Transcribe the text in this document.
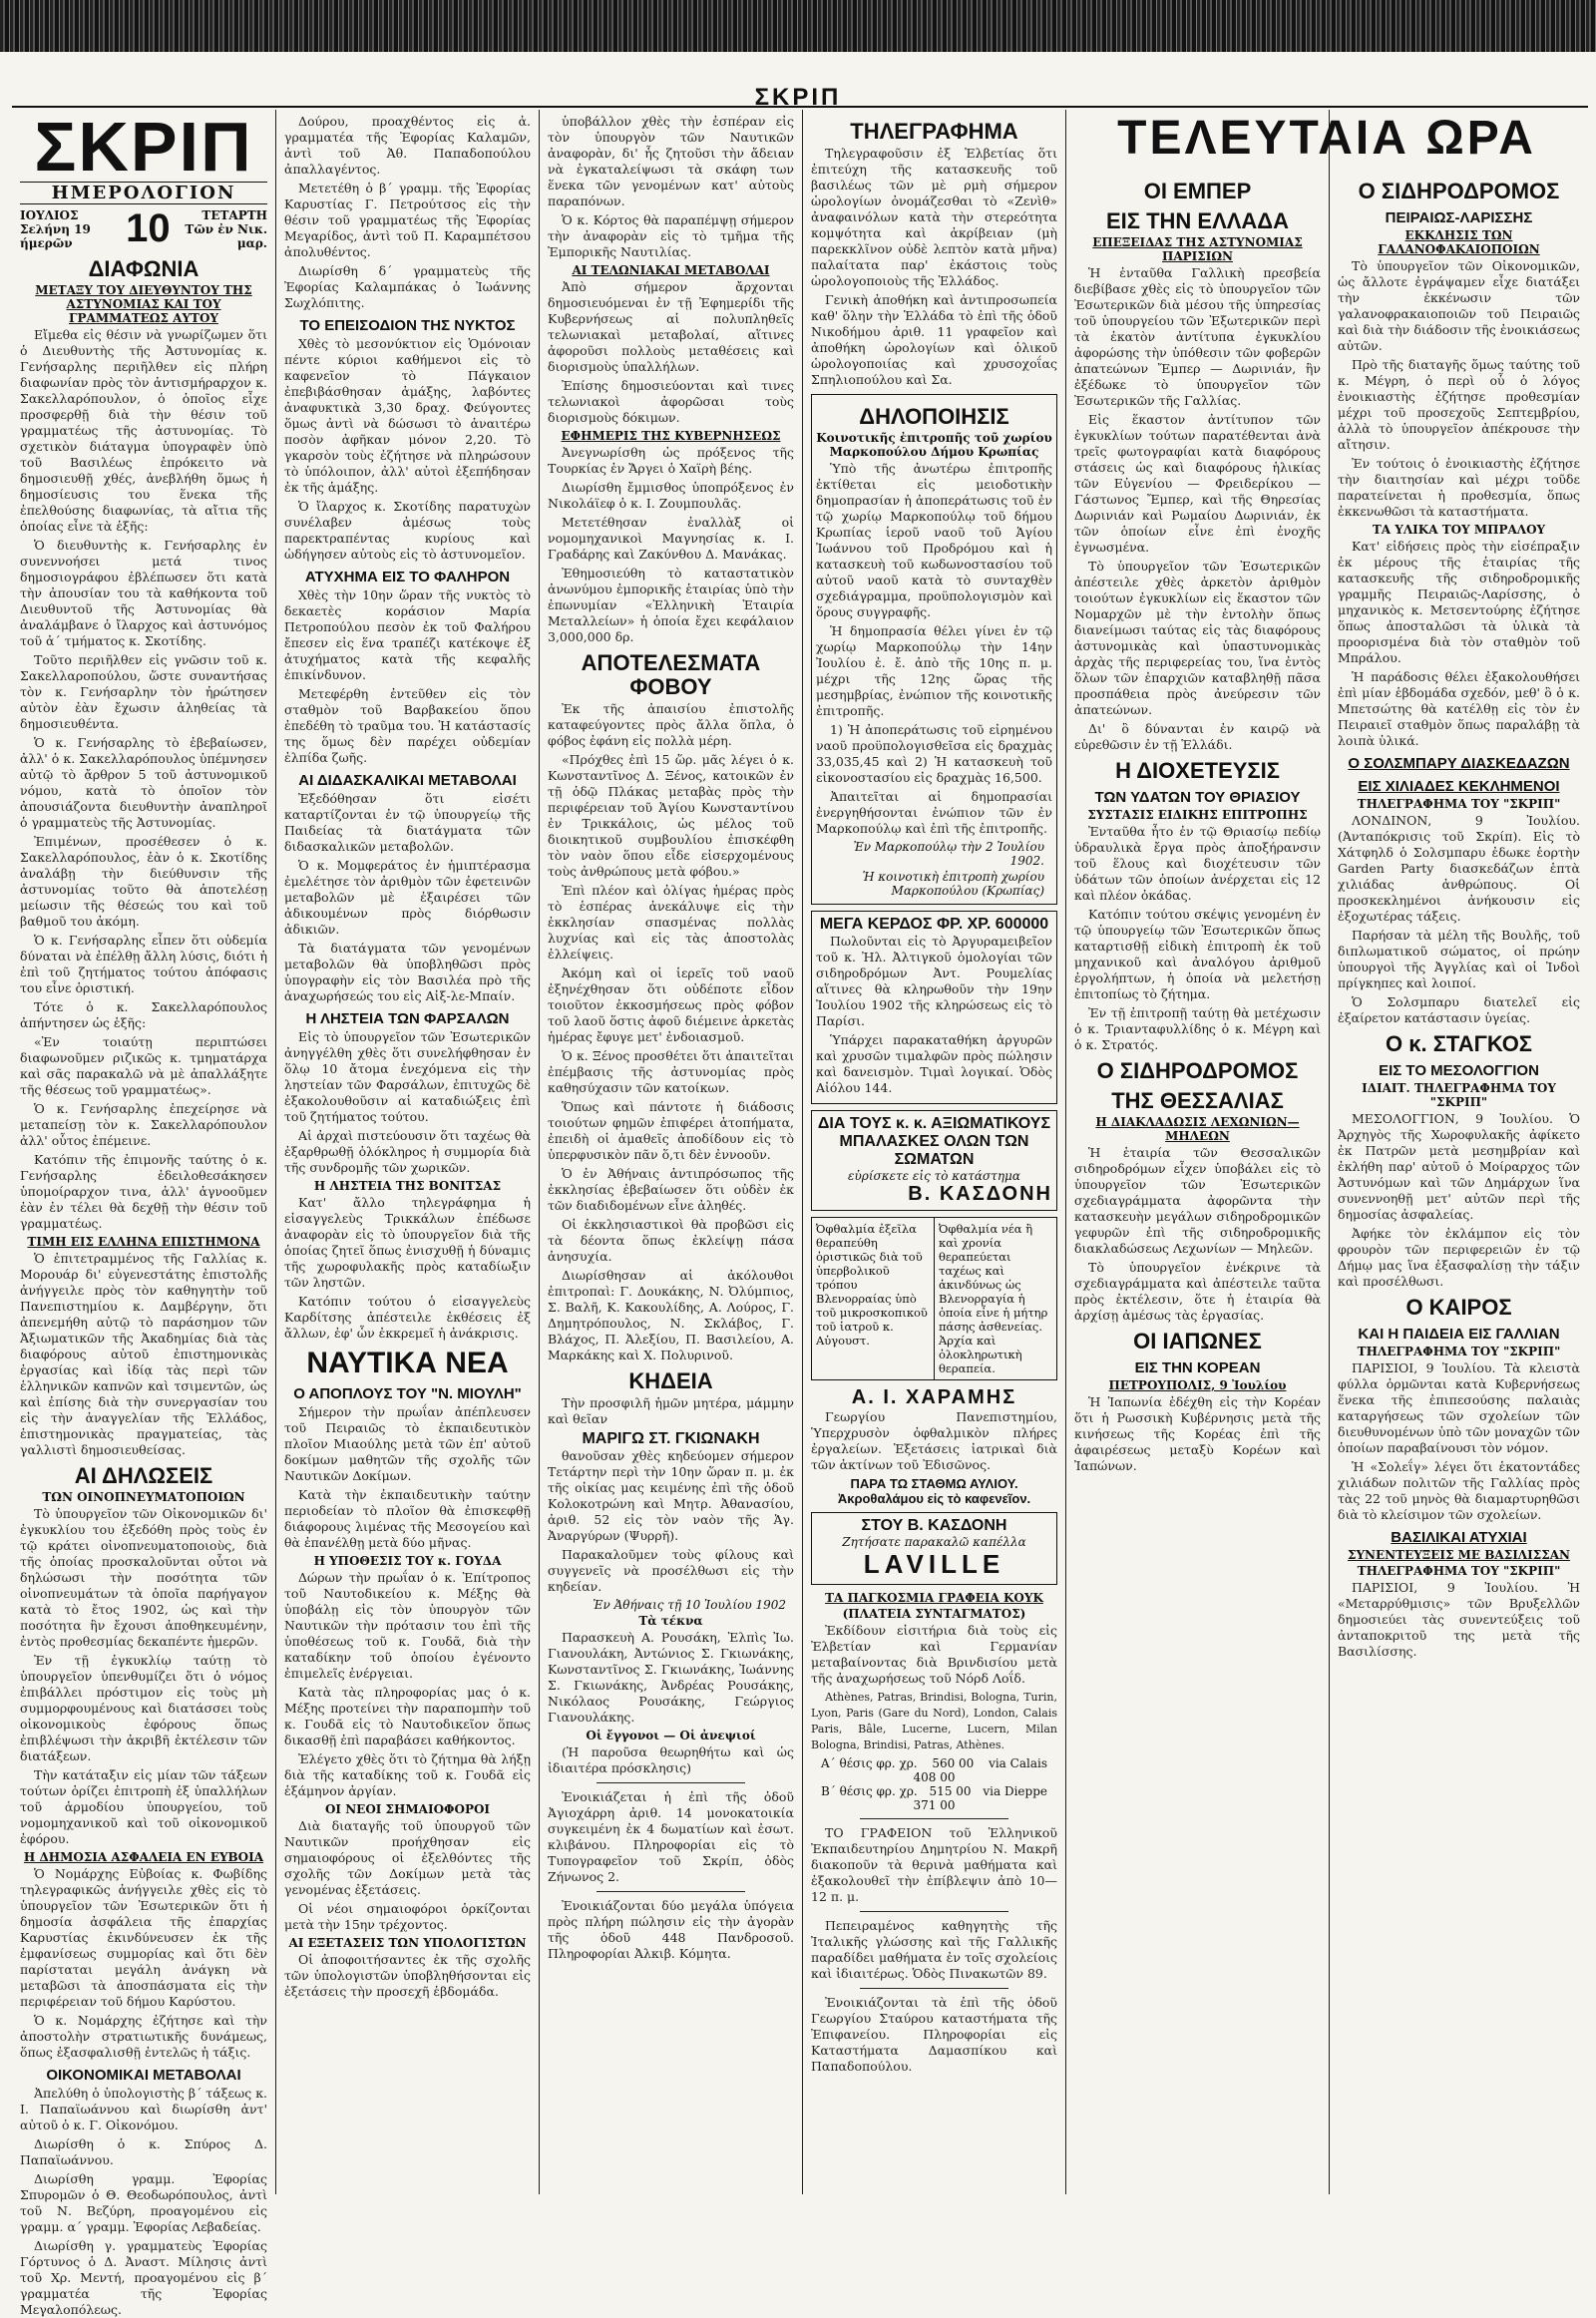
ΣΚΡΙΠ
ΣΚΡΙΠ
ΗΜΕΡΟΛΟΓΙΟΝ
ΙΟΥΛΙΟΣ
Σελήνη 19 ήμερῶν	10	ΤΕΤΑΡΤΗ
Τῶν ἐν Νικ. μαρ.
ΔΙΑΦΩΝΙΑ
ΜΕΤΑΞΥ ΤΟΥ ΔΙΕΥΘΥΝΤΟΥ ΤΗΣ ΑΣΤΥΝΟΜΙΑΣ ΚΑΙ ΤΟΥ ΓΡΑΜΜΑΤΕΩΣ ΑΥΤΟΥ

Εἴμεθα εἰς θέσιν νὰ γνωρίζωμεν ὅτι ὁ Διευθυντὴς τῆς Ἀστυνομίας κ. Γενήσαρλης περιῆλθεν εἰς πλήρη διαφωνίαν πρὸς τὸν ἀντισμήραρχον κ. Σακελλαρόπουλον, ὁ ὁποῖος εἶχε προσφερθῇ διὰ τὴν θέσιν τοῦ γραμματέως τῆς ἀστυνομίας. Τὸ σχετικὸν διάταγμα ὑπογραφὲν ὑπὸ τοῦ Βασιλέως ἐπρόκειτο νὰ δημοσιευθῇ χθές, ἀνεβλήθη ὅμως ἡ δημοσίευσις του ἕνεκα τῆς ἐπελθούσης διαφωνίας, τὰ αἴτια τῆς ὁποίας εἶνε τὰ ἑξῆς:

Ὁ διευθυντὴς κ. Γενήσαρλης ἐν συνεννοήσει μετά τινος δημοσιογράφου ἐβλέπωσεν ὅτι κατὰ τὴν ἀπουσίαν του τὰ καθήκοντα τοῦ Διευθυντοῦ τῆς Ἀστυνομίας θὰ ἀναλάμβανε ὁ ἴλαρχος καὶ ἀστυνόμος τοῦ ἀ΄ τμήματος κ. Σκοτίδης.

Τοῦτο περιῆλθεν εἰς γνῶσιν τοῦ κ. Σακελλαροπούλου, ὥστε συναντήσας τὸν κ. Γενήσαρλην τὸν ἠρώτησεν αὐτὸν ἐὰν ἔχωσιν ἀληθείας τὰ δημοσιευθέντα.

Ὁ κ. Γενήσαρλης τὸ ἐβεβαίωσεν, ἀλλ' ὁ κ. Σακελλαρόπουλος ὑπέμνησεν αὐτῷ τὸ ἄρθρον 5 τοῦ ἀστυνομικοῦ νόμου, κατὰ τὸ ὁποῖον τὸν ἀπουσιάζοντα διευθυντὴν ἀναπληροῖ ὁ γραμματεὺς τῆς Ἀστυνομίας.

Ἐπιμένων, προσέθεσεν ὁ κ. Σακελλαρόπουλος, ἐὰν ὁ κ. Σκοτίδης ἀναλάβῃ τὴν διεύθυνσιν τῆς ἀστυνομίας τοῦτο θὰ ἀποτελέσῃ μείωσιν τῆς θέσεώς του καὶ τοῦ βαθμοῦ του ἀκόμη.

Ὁ κ. Γενήσαρλης εἶπεν ὅτι οὐδεμία δύναται νὰ ἐπέλθῃ ἄλλη λύσις, διότι ἡ ἐπὶ τοῦ ζητήματος τούτου ἀπόφασις του εἶνε ὁριστική.

Τότε ὁ κ. Σακελλαρόπουλος ἀπήντησεν ὡς ἑξῆς:

«Ἐν τοιαύτῃ περιπτώσει διαφωνοῦμεν ριζικῶς κ. τμηματάρχα καὶ σᾶς παρακαλῶ νὰ μὲ ἀπαλλάξητε τῆς θέσεως τοῦ γραμματέως».

Ὁ κ. Γενήσαρλης ἐπεχείρησε νὰ μεταπείσῃ τὸν κ. Σακελλαρόπουλον ἀλλ' οὗτος ἐπέμεινε.

Κατόπιν τῆς ἐπιμονῆς ταύτης ὁ κ. Γενήσαρλης ἐδειλοθεσάκησεν ὑπομοίραρχον τινα, ἀλλ' ἀγνοοῦμεν ἐὰν ἐν τέλει θὰ δεχθῇ τὴν θέσιν τοῦ γραμματέως.

ΤΙΜΗ ΕΙΣ ΕΛΛΗΝΑ ΕΠΙΣΤΗΜΟΝΑ

Ὁ ἐπιτετραμμένος τῆς Γαλλίας κ. Μορουάρ δι' εὐγενεστάτης ἐπιστολῆς ἀνήγγειλε πρὸς τὸν καθηγητὴν τοῦ Πανεπιστημίου κ. Δαμβέργην, ὅτι ἀπενεμήθη αὐτῷ τὸ παράσημον τῶν Ἀξιωματικῶν τῆς Ἀκαδημίας διὰ τὰς διαφόρους αὐτοῦ ἐπιστημονικὰς ἐργασίας καὶ ἰδίᾳ τὰς περὶ τῶν ἑλληνικῶν καπνῶν καὶ τσιμεντῶν, ὡς καὶ ἐπίσης διὰ τὴν συνεργασίαν του εἰς τὴν ἀναγγελίαν τῆς Ἑλλάδος, ἐπιστημονικὰς πραγματείας, τὰς γαλλιστὶ δημοσιευθείσας.

ΑΙ ΔΗΛΩΣΕΙΣ
ΤΩΝ ΟΙΝΟΠΝΕΥΜΑΤΟΠΟΙΩΝ

Τὸ ὑπουργεῖον τῶν Οἰκονομικῶν δι' ἐγκυκλίου του ἐξεδόθη πρὸς τοὺς ἐν τῷ κράτει οἰνοπνευματοποιοὺς, διὰ τῆς ὁποίας προσκαλοῦνται οὗτοι νὰ δηλώσωσι τὴν ποσότητα τῶν οἰνοπνευμάτων τὰ ὁποῖα παρήγαγον κατὰ τὸ ἔτος 1902, ὡς καὶ τὴν ποσότητα ἣν ἔχουσι ἀποθηκευμένην, ἐντὸς προθεσμίας δεκαπέντε ἡμερῶν.

Ἐν τῇ ἐγκυκλίῳ ταύτῃ τὸ ὑπουργεῖον ὑπενθυμίζει ὅτι ὁ νόμος ἐπιβάλλει πρόστιμον εἰς τοὺς μὴ συμμορφουμένους καὶ διατάσσει τοὺς οἰκονομικοὺς ἐφόρους ὅπως ἐπιβλέψωσι τὴν ἀκριβῆ ἐκτέλεσιν τῶν διατάξεων.

Τὴν κατάταξιν εἰς μίαν τῶν τάξεων τούτων ὁρίζει ἐπιτροπὴ ἐξ ὑπαλλήλων τοῦ ἁρμοδίου ὑπουργείου, τοῦ νομομηχανικοῦ καὶ τοῦ οἰκονομικοῦ ἐφόρου.

Η ΔΗΜΟΣΙΑ ΑΣΦΑΛΕΙΑ ΕΝ ΕΥΒΟΙΑ

Ὁ Νομάρχης Εὐβοίας κ. Φωβίδης τηλεγραφικῶς ἀνήγγειλε χθὲς εἰς τὸ ὑπουργεῖον τῶν Ἐσωτερικῶν ὅτι ἡ δημοσία ἀσφάλεια τῆς ἐπαρχίας Καρυστίας ἐκινδύνευσεν ἐκ τῆς ἐμφανίσεως συμμορίας καὶ ὅτι δὲν παρίσταται μεγάλη ἀνάγκη νὰ μεταβῶσι τὰ ἀποσπάσματα εἰς τὴν περιφέρειαν τοῦ δήμου Καρύστου.

Ὁ κ. Νομάρχης ἐζήτησε καὶ τὴν ἀποστολὴν στρατιωτικῆς δυνάμεως, ὅπως ἐξασφαλισθῇ ἐντελῶς ἡ τάξις.

ΟΙΚΟΝΟΜΙΚΑΙ ΜΕΤΑΒΟΛΑΙ

Ἀπελύθη ὁ ὑπολογιστὴς β΄ τάξεως κ. Ι. Παπαϊωάννου καὶ διωρίσθη ἀντ' αὐτοῦ ὁ κ. Γ. Οἰκονόμου.

Διωρίσθη ὁ κ. Σπύρος Δ. Παπαϊωάννου.

Διωρίσθη γραμμ. Ἐφορίας Σπυρομῶν ὁ Θ. Θεοδωρόπουλος, ἀντὶ τοῦ Ν. Βεζύρη, προαγομένου εἰς γραμμ. α΄ γραμμ. Ἐφορίας Λεβαδείας.

Διωρίσθη γ. γραμματεὺς Ἐφορίας Γόρτυνος ὁ Δ. Ἀναστ. Μίλησις ἀντὶ τοῦ Χρ. Μεντή, προαγομένου εἰς β΄ γραμματέα τῆς Ἐφορίας Μεγαλοπόλεως.

Δούρου, προαχθέντος εἰς ἀ. γραμματέα τῆς Ἐφορίας Καλαμῶν, ἀντὶ τοῦ Ἀθ. Παπαδοπούλου ἀπαλλαγέντος.

Μετετέθη ὁ β΄ γραμμ. τῆς Ἐφορίας Καρυστίας Γ. Πετρούτσος εἰς τὴν θέσιν τοῦ γραμματέως τῆς Ἐφορίας Μεγαρίδος, ἀντὶ τοῦ Π. Καραμπέτσου ἀπολυθέντος.

Διωρίσθη δ΄ γραμματεὺς τῆς Ἐφορίας Καλαμπάκας ὁ Ἰωάννης Σωχλόπιτης.

ΤΟ ΕΠΕΙΣΟΔΙΟΝ ΤΗΣ ΝΥΚΤΟΣ

Χθὲς τὸ μεσονύκτιον εἰς Ὁμόνοιαν πέντε κύριοι καθήμενοι εἰς τὸ καφενεῖον τὸ Πάγκαιον ἐπεβιβάσθησαν ἁμάξης, λαβόντες ἀναφυκτικὰ 3,30 δραχ. Φεύγοντες ὅμως ἀντὶ νὰ δώσωσι τὸ ἀναιτέρω ποσὸν ἀφῆκαν μόνον 2,20. Τὸ γκαρσὸν τοὺς ἐζήτησε νὰ πληρώσουν τὸ ὑπόλοιπον, ἀλλ' αὐτοὶ ἐξεπήδησαν ἐκ τῆς ἁμάξης.

Ὁ ἴλαρχος κ. Σκοτίδης παρατυχὼν συνέλαβεν ἀμέσως τοὺς παρεκτραπέντας κυρίους καὶ ὡδήγησεν αὐτοὺς εἰς τὸ ἀστυνομεῖον.

ΑΤΥΧΗΜΑ ΕΙΣ ΤΟ ΦΑΛΗΡΟΝ

Χθὲς τὴν 10ην ὥραν τῆς νυκτὸς τὸ δεκαετὲς κοράσιον Μαρία Πετροπούλου πεσὸν ἐκ τοῦ Φαλήρου ἔπεσεν εἰς ἕνα τραπέζι κατέκοψε ἐξ ἀτυχήματος κατὰ τῆς κεφαλῆς ἐπικίνδυνον.

Μετεφέρθη ἐντεῦθεν εἰς τὸν σταθμὸν τοῦ Βαρβακείου ὅπου ἐπεδέθη τὸ τραῦμα του. Ἡ κατάστασίς της ὅμως δὲν παρέχει οὐδεμίαν ἐλπίδα ζωῆς.

ΑΙ ΔΙΔΑΣΚΑΛΙΚΑΙ ΜΕΤΑΒΟΛΑΙ

Ἐξεδόθησαν ὅτι εἰσέτι καταρτίζονται ἐν τῷ ὑπουργείῳ τῆς Παιδείας τὰ διατάγματα τῶν διδασκαλικῶν μεταβολῶν.

Ὁ κ. Μομφεράτος ἐν ἡμιπτέρασμα ἐμελέτησε τὸν ἀριθμὸν τῶν ἐφετεινῶν μεταβολῶν μὲ ἐξαιρέσει τῶν ἀδικουμένων πρὸς διόρθωσιν ἀδικιῶν.

Τὰ διατάγματα τῶν γενομένων μεταβολῶν θὰ ὑποβληθῶσι πρὸς ὑπογραφὴν εἰς τὸν Βασιλέα πρὸ τῆς ἀναχωρήσεώς του εἰς Αἰξ-λε-Μπαίν.

Η ΛΗΣΤΕΙΑ ΤΩΝ ΦΑΡΣΑΛΩΝ

Εἰς τὸ ὑπουργεῖον τῶν Ἐσωτερικῶν ἀνηγγέλθη χθὲς ὅτι συνελήφθησαν ἐν ὅλῳ 10 ἄτομα ἐνεχόμενα εἰς τὴν ληστείαν τῶν Φαρσάλων, ἐπιτυχῶς δὲ ἐξακολουθοῦσιν αἱ καταδιώξεις ἐπὶ τοῦ ζητήματος τούτου.

Αἱ ἀρχαὶ πιστεύουσιν ὅτι ταχέως θὰ ἐξαρθρωθῇ ὁλόκληρος ἡ συμμορία διὰ τῆς συνδρομῆς τῶν χωρικῶν.

Η ΛΗΣΤΕΙΑ ΤΗΣ ΒΟΝΙΤΣΑΣ

Κατ' ἄλλο τηλεγράφημα ἡ εἰσαγγελεὺς Τρικκάλων ἐπέδωσε ἀναφορὰν εἰς τὸ ὑπουργεῖον διὰ τῆς ὁποίας ζητεῖ ὅπως ἐνισχυθῇ ἡ δύναμις τῆς χωροφυλακῆς πρὸς καταδίωξιν τῶν ληστῶν.

Κατόπιν τούτου ὁ εἰσαγγελεὺς Καρδίτσης ἀπέστειλε ἐκθέσεις ἐξ ἄλλων, ἐφ' ὧν ἐκκρεμεῖ ἡ ἀνάκρισις.

ΝΑΥΤΙΚΑ ΝΕΑ
Ο ΑΠΟΠΛΟΥΣ ΤΟΥ "Ν. ΜΙΟΥΛΗ"

Σήμερον τὴν πρωΐαν ἀπέπλευσεν τοῦ Πειραιῶς τὸ ἐκπαιδευτικὸν πλοῖον Μιαούλης μετὰ τῶν ἐπ' αὐτοῦ δοκίμων μαθητῶν τῆς σχολῆς τῶν Ναυτικῶν Δοκίμων.

Κατὰ τὴν ἐκπαιδευτικὴν ταύτην περιοδείαν τὸ πλοῖον θὰ ἐπισκεφθῇ διάφορους λιμένας τῆς Μεσογείου καὶ θὰ ἐπανέλθῃ μετὰ δύο μῆνας.

Η ΥΠΟΘΕΣΙΣ ΤΟΥ κ. ΓΟΥΔΑ

Δώρων τὴν πρωΐαν ὁ κ. Ἐπίτροπος τοῦ Ναυτοδικείου κ. Μέξης θὰ ὑποβάλῃ εἰς τὸν ὑπουργὸν τῶν Ναυτικῶν τὴν πρότασιν του ἐπὶ τῆς ὑποθέσεως τοῦ κ. Γουδᾶ, διὰ τὴν καταδίκην τοῦ ὁποίου ἐγένοντο ἐπιμελεῖς ἐνέργειαι.

Κατὰ τὰς πληροφορίας μας ὁ κ. Μέξης προτείνει τὴν παραπομπὴν τοῦ κ. Γουδᾶ εἰς τὸ Ναυτοδικεῖον ὅπως δικασθῇ ἐπὶ παραβάσει καθήκοντος.

Ἐλέγετο χθὲς ὅτι τὸ ζήτημα θὰ λήξῃ διὰ τῆς καταδίκης τοῦ κ. Γουδᾶ εἰς ἑξάμηνον ἀργίαν.

ΟΙ ΝΕΟΙ ΣΗΜΑΙΟΦΟΡΟΙ

Διὰ διαταγῆς τοῦ ὑπουργοῦ τῶν Ναυτικῶν προήχθησαν εἰς σημαιοφόρους οἱ ἐξελθόντες τῆς σχολῆς τῶν Δοκίμων μετὰ τὰς γενομένας ἐξετάσεις.

Οἱ νέοι σημαιοφόροι ὁρκίζονται μετὰ τὴν 15ην τρέχοντος.

ΑΙ ΕΞΕΤΑΣΕΙΣ ΤΩΝ ΥΠΟΛΟΓΙΣΤΩΝ

Οἱ ἀποφοιτήσαντες ἐκ τῆς σχολῆς τῶν ὑπολογιστῶν ὑποβληθήσονται εἰς ἐξετάσεις τὴν προσεχῆ ἑβδομάδα.

ὑποβάλλον χθὲς τὴν ἑσπέραν εἰς τὸν ὑπουργὸν τῶν Ναυτικῶν ἀναφορὰν, δι' ἧς ζητοῦσι τὴν ἄδειαν νὰ ἐγκαταλείψωσι τὰ σκάφη των ἕνεκα τῶν γενομένων κατ' αὐτοὺς παραπόνων.

Ὁ κ. Κόρτος θὰ παραπέμψῃ σήμερον τὴν ἀναφορὰν εἰς τὸ τμῆμα τῆς Ἐμπορικῆς Ναυτιλίας.

ΑΙ ΤΕΛΩΝΙΑΚΑΙ ΜΕΤΑΒΟΛΑΙ

Ἀπὸ σήμερον ἄρχονται δημοσιευόμεναι ἐν τῇ Ἐφημερίδι τῆς Κυβερνήσεως αἱ πολυπληθεῖς τελωνιακαὶ μεταβολαί, αἵτινες ἀφοροῦσι πολλοὺς μεταθέσεις καὶ διορισμοὺς ὑπαλλήλων.

Ἐπίσης δημοσιεύονται καὶ τινες τελωνιακοὶ ἀφορῶσαι τοὺς διορισμοὺς δόκιμων.

ΕΦΗΜΕΡΙΣ ΤΗΣ ΚΥΒΕΡΝΗΣΕΩΣ

Ἀνεγνωρίσθη ὡς πρόξενος τῆς Τουρκίας ἐν Ἄργει ὁ Χαϊρὴ βέης.

Διωρίσθη ἔμμισθος ὑποπρόξενος ἐν Νικολάϊεφ ὁ κ. Ι. Ζουμπουλᾶς.

Μετετέθησαν ἐναλλὰξ οἱ νομομηχανικοὶ Μαγνησίας κ. Ι. Γραδάρης καὶ Ζακύνθου Δ. Μανάκας.

Ἐθημοσιεύθη τὸ καταστατικὸν ἀνωνύμου ἐμπορικῆς ἑταιρίας ὑπὸ τὴν ἐπωνυμίαν «Ἐλληνικὴ Ἑταιρία Μεταλλείων» ἡ ὁποία ἔχει κεφάλαιον 3,000,000 δρ.

ΑΠΟΤΕΛΕΣΜΑΤΑ ΦΟΒΟΥ

Ἐκ τῆς ἀπαισίου ἐπιστολῆς καταφεύγοντες πρὸς ἄλλα ὅπλα, ὁ φόβος ἐφάνη εἰς πολλὰ μέρη.

«Πρόχθες ἐπὶ 15 ὥρ. μᾶς λέγει ὁ κ. Κωνσταντῖνος Δ. Ξένος, κατοικῶν ἐν τῇ ὁδῷ Πλάκας μεταβὰς πρὸς τὴν περιφέρειαν τοῦ Ἁγίου Κωνσταντίνου ἐν Τρικκάλοις, ὡς μέλος τοῦ διοικητικοῦ συμβουλίου ἐπισκέφθη τὸν ναὸν ὅπου εἶδε εἰσερχομένους τοὺς ἀνθρώπους μετὰ φόβου.»

Ἐπὶ πλέον καὶ ὀλίγας ἡμέρας πρὸς τὸ ἑσπέρας ἀνεκάλυψε εἰς τὴν ἐκκλησίαν σπασμένας πολλὰς λυχνίας καὶ εἰς τὰς ἀποστολὰς ἐλλείψεις.

Ἀκόμη καὶ οἱ ἱερεῖς τοῦ ναοῦ ἐξηνέχθησαν ὅτι οὐδέποτε εἶδον τοιοῦτον ἐκκοσμήσεως πρὸς φόβον τοῦ λαοῦ ὅστις ἀφοῦ διέμεινε ἀρκετὰς ἡμέρας ἔφυγε μετ' ἐνδοιασμοῦ.

Ὁ κ. Ξένος προσθέτει ὅτι ἀπαιτεῖται ἐπέμβασις τῆς ἀστυνομίας πρὸς καθησύχασιν τῶν κατοίκων.

Ὅπως καὶ πάντοτε ἡ διάδοσις τοιούτων φημῶν ἐπιφέρει ἀτοπήματα, ἐπειδὴ οἱ ἀμαθεῖς ἀποδίδουν εἰς τὸ ὑπερφυσικὸν πᾶν ὅ,τι δὲν ἐννοοῦν.

Ὁ ἐν Ἀθήναις ἀντιπρόσωπος τῆς ἐκκλησίας ἐβεβαίωσεν ὅτι οὐδὲν ἐκ τῶν διαδιδομένων εἶνε ἀληθές.

Οἱ ἐκκλησιαστικοὶ θὰ προβῶσι εἰς τὰ δέοντα ὅπως ἐκλείψῃ πάσα ἀνησυχία.

Διωρίσθησαν αἱ ἀκόλουθοι ἐπιτροπαὶ: Γ. Δουκάκης, Ν. Ὀλύμπιος, Σ. Βαλῆ, Κ. Κακουλίδης, Α. Λούρος, Γ. Δημητρόπουλος, Ν. Σκλάβος, Γ. Βλάχος, Π. Ἀλεξίου, Π. Βασιλείου, Α. Μαρκάκης καὶ Χ. Πολυρινοῦ.

ΚΗΔΕΙΑ

Τὴν προσφιλῆ ἡμῶν μητέρα, μάμμην καὶ θεῖαν

ΜΑΡΙΓΩ ΣΤ. ΓΚΙΩΝΑΚΗ

θανοῦσαν χθὲς κηδεύομεν σήμερον Τετάρτην περὶ τὴν 10ην ὥραν π. μ. ἐκ τῆς οἰκίας μας κειμένης ἐπὶ τῆς ὁδοῦ Κολοκοτρώνη καὶ Μητρ. Ἀθανασίου, ἀριθ. 52 εἰς τὸν ναὸν τῆς Ἁγ. Ἀναργύρων (Ψυρρῆ).

Παρακαλοῦμεν τοὺς φίλους καὶ συγγενεῖς νὰ προσέλθωσι εἰς τὴν κηδείαν.

Ἐν Ἀθήναις τῇ 10 Ἰουλίου 1902
Τὰ τέκνα

Παρασκευὴ Α. Ρουσάκη, Ἐλπὶς Ἰω. Γιανουλάκη, Ἀντώνιος Σ. Γκιωνάκης, Κωνσταντῖνος Σ. Γκιωνάκης, Ἰωάννης Σ. Γκιωνάκης, Ἀνδρέας Ρουσάκης, Νικόλαος Ρουσάκης, Γεώργιος Γιανουλάκης.

Οἱ ἔγγονοι — Οἱ ἀνεψιοί

(Ἡ παροῦσα θεωρηθήτω καὶ ὡς ἰδιαιτέρα πρόσκλησις)

Ἐνοικιάζεται ἡ ἐπὶ τῆς ὁδοῦ Ἀγιοχάρρη ἀριθ. 14 μονοκατοικία συγκειμένη ἐκ 4 δωματίων καὶ ἐσωτ. κλιβάνου. Πληροφορίαι εἰς τὸ Τυπογραφεῖον τοῦ Σκρίπ, ὁδὸς Ζήνωνος 2.

Ἐνοικιάζονται δύο μεγάλα ὑπόγεια πρὸς πλήρη πώλησιν εἰς τὴν ἀγορὰν τῆς ὁδοῦ 448 Πανδροσοῦ. Πληροφορίαι Ἀλκιβ. Κόμητα.

ΤΗΛΕΓΡΑΦΗΜΑ

Τηλεγραφοῦσιν ἐξ Ἑλβετίας ὅτι ἐπιτεύχη τῆς κατασκευῆς τοῦ βασιλέως τῶν μὲ ρμὴ σήμερον ὡρολογίων ὀνομάζεσθαι τὸ «Ζενὶθ» ἀναφαινόλων κατὰ τὴν στερεότητα κομψότητα καὶ ἀκρίβειαν (μὴ παρεκκλῖνον οὐδὲ λεπτὸν κατὰ μῆνα) παλαίτατα παρ' ἐκάστοις τοὺς ὡρολογοποιοὺς τῆς Ἑλλάδος.

Γενικὴ ἀποθήκη καὶ ἀντιπροσωπεία καθ' ὅλην τὴν Ἑλλάδα τὸ ἐπὶ τῆς ὁδοῦ Νικοδήμου ἀριθ. 11 γραφεῖον καὶ ἀποθήκη ὡρολογίων καὶ ὁλικοῦ ὡρολογοποιίας καὶ χρυσοχοΐας Σπηλιοπούλου καὶ Σα.

ΔΗΛΟΠΟΙΗΣΙΣ
Κοινοτικῆς ἐπιτροπῆς τοῦ χωρίου Μαρκοπούλου Δήμου Κρωπίας

Ὑπὸ τῆς ἀνωτέρω ἐπιτροπῆς ἐκτίθεται εἰς μειοδοτικὴν δημοπρασίαν ἡ ἀποπεράτωσις τοῦ ἐν τῷ χωρίῳ Μαρκοπούλῳ τοῦ δήμου Κρωπίας ἱεροῦ ναοῦ τοῦ Ἁγίου Ἰωάννου τοῦ Προδρόμου καὶ ἡ κατασκευὴ τοῦ κωδωνοστασίου τοῦ αὐτοῦ ναοῦ κατὰ τὸ συνταχθὲν σχεδιάγραμμα, προϋπολογισμὸν καὶ ὅρους συγγραφῆς.

Ἡ δημοπρασία θέλει γίνει ἐν τῷ χωρίῳ Μαρκοπούλῳ τὴν 14ην Ἰουλίου ἐ. ἔ. ἀπὸ τῆς 10ης π. μ. μέχρι τῆς 12ης ὥρας τῆς μεσημβρίας, ἐνώπιον τῆς κοινοτικῆς ἐπιτροπῆς.

1) Ἡ ἀποπεράτωσις τοῦ εἰρημένου ναοῦ προϋπολογισθεῖσα εἰς δραχμὰς 33,035,45 καὶ 2) Ἡ κατασκευὴ τοῦ εἰκονοστασίου εἰς δραχμὰς 16,500.

Ἀπαιτεῖται αἱ δημοπρασίαι ἐνεργηθήσονται ἐνώπιον τῶν ἐν Μαρκοπούλῳ καὶ ἐπὶ τῆς ἐπιτροπῆς.

Ἐν Μαρκοπούλῳ τὴν 2 Ἰουλίου 1902.
Ἡ κοινοτικὴ ἐπιτροπὴ χωρίου Μαρκοπούλου (Κρωπίας)
ΜΕΓΑ ΚΕΡΔΟΣ ΦΡ. ΧΡ. 600000

Πωλοῦνται εἰς τὸ Ἀργυραμειβεῖον τοῦ κ. Ἠλ. Ἀλτιγκοῦ ὁμολογίαι τῶν σιδηροδρόμων Ἀντ. Ρουμελίας αἵτινες θὰ κληρωθοῦν τὴν 19ην Ἰουλίου 1902 τῆς κληρώσεως εἰς τὸ Παρίσι.

Ὑπάρχει παρακαταθήκη ἀργυρῶν καὶ χρυσῶν τιμαλφῶν πρὸς πώλησιν καὶ δανεισμὸν. Τιμαὶ λογικαί. Ὁδὸς Αἰόλου 144.

ΔΙΑ ΤΟΥΣ κ. κ. ΑΞΙΩΜΑΤΙΚΟΥΣ ΜΠΑΛΑΣΚΕΣ ΟΛΩΝ ΤΩΝ ΣΩΜΑΤΩΝ
εὑρίσκετε εἰς τὸ κατάστημα
Β. ΚΑΣΔΟΝΗ
Ὀφθαλμία ἐξεῖλα θεραπεύθη ὁριστικῶς διὰ τοῦ ὑπερβολικοῦ τρόπου Βλενορραίας ὑπὸ τοῦ μικροσκοπικοῦ τοῦ ἰατροῦ κ. Αὐγουστ.
Ὀφθαλμία νέα ἢ καὶ χρονία θεραπεύεται ταχέως καὶ ἀκινδύνως ὡς Βλενορραγία ἡ ὁποία εἶνε ἡ μήτηρ πάσης ἀσθενείας. Ἀρχία καὶ ὁλοκληρωτικὴ θεραπεία.
Α. Ι. ΧΑΡΑΜΗΣ

Γεωργίου Πανεπιστημίου, Ὑπερχρυσὸν ὀφθαλμικὸν πλήρες ἐργαλείων. Ἐξετάσεις ἰατρικαὶ διὰ τῶν ἀκτίνων τοῦ Ἐδισῶνος.

ΠΑΡΑ ΤΩ ΣΤΑΘΜΩ ΑΥΛΙΟΥ. Ἀκροθαλάμου εἰς τὸ καφενεῖον.
ΣΤΟΥ Β. ΚΑΣΔΟΝΗ
Ζητήσατε παρακαλῶ καπέλλα
LAVILLE
ΤΑ ΠΑΓΚΟΣΜΙΑ ΓΡΑΦΕΙΑ ΚΟΥΚ
(ΠΛΑΤΕΙΑ ΣΥΝΤΑΓΜΑΤΟΣ)

Ἐκδίδουν εἰσιτήρια διὰ τοὺς εἰς Ἐλβετίαν καὶ Γερμανίαν μεταβαίνοντας διὰ Βρινδισίου μετὰ τῆς ἀναχωρήσεως τοῦ Νόρδ Λοΐδ.

Athènes, Patras, Brindisi, Bologna, Turin, Lyon, Paris (Gare du Nord), London, Calais Paris, Bâle, Lucerne, Lucern, Milan Bologna, Brindisi, Patras, Athènes.

Α΄ θέσις φρ. χρ. 560 00 via Calais
408 00
Β΄ θέσις φρ. χρ. 515 00 via Dieppe
371 00

ΤΟ ΓΡΑΦΕΙΟΝ τοῦ Ἑλληνικοῦ Ἐκπαιδευτηρίου Δημητρίου Ν. Μακρῆ διακοποῦν τὰ θερινὰ μαθήματα καὶ ἐξακολουθεῖ τὴν ἐπίβλεψιν ἀπὸ 10—12 π. μ.

Πεπειραμένος καθηγητὴς τῆς Ἰταλικῆς γλώσσης καὶ τῆς Γαλλικῆς παραδίδει μαθήματα ἐν τοῖς σχολείοις καὶ ἰδιαιτέρως. Ὁδὸς Πινακωτῶν 89.

Ἐνοικιάζονται τὰ ἐπὶ τῆς ὁδοῦ Γεωργίου Σταύρου καταστήματα τῆς Ἐπιφανείου. Πληροφορίαι εἰς Καταστήματα Δαμασπίκου καὶ Παπαδοπούλου.

ΤΕΛΕΥΤΑΙΑ ΩΡΑ
ΟΙ ΕΜΠΕΡ
ΕΙΣ ΤΗΝ ΕΛΛΑΔΑ
ΕΠΕΞΕΙΔΑΣ ΤΗΣ ΑΣΤΥΝΟΜΙΑΣ ΠΑΡΙΣΙΩΝ

Ἡ ἐνταῦθα Γαλλικὴ πρεσβεία διεβίβασε χθὲς εἰς τὸ ὑπουργεῖον τῶν Ἐσωτερικῶν διὰ μέσου τῆς ὑπηρεσίας τοῦ ὑπουργείου τῶν Ἐξωτερικῶν περὶ τὰ ἐκατὸν ἀντίτυπα ἐγκυκλίου ἀφορώσης τὴν ὑπόθεσιν τῶν φοβερῶν ἀπατεώνων Ἔμπερ — Δωρινιάν, ἣν ἐξέδωκε τὸ ὑπουργεῖον τῶν Ἐσωτερικῶν τῆς Γαλλίας.

Εἰς ἕκαστον ἀντίτυπον τῶν ἐγκυκλίων τούτων παρατέθενται ἀνὰ τρεῖς φωτογραφίαι κατὰ διαφόρους στάσεις ὡς καὶ διαφόρους ἡλικίας τῶν Εὐγενίου — Φρειδερίκου — Γάστωνος Ἔμπερ, καὶ τῆς Θηρεσίας Δωρινιάν καὶ Ρωμαίου Δωρινιάν, ἐκ τῶν ὁποίων εἶνε ἐπὶ ἐνοχῆς ἐγνωσμένα.

Τὸ ὑπουργεῖον τῶν Ἐσωτερικῶν ἀπέστειλε χθὲς ἀρκετὸν ἀριθμὸν τοιούτων ἐγκυκλίων εἰς ἕκαστον τῶν Νομαρχῶν μὲ τὴν ἐντολὴν ὅπως διανείμωσι ταύτας εἰς τὰς διαφόρους ἀστυνομικὰς καὶ ὑπαστυνομικὰς ἀρχὰς τῆς περιφερείας του, ἵνα ἐντὸς ὅλων τῶν ἐπαρχιῶν καταβληθῇ πᾶσα προσπάθεια πρὸς ἀνεύρεσιν τῶν ἀπατεώνων.

Δι' ὃ δύνανται ἐν καιρῷ νὰ εὑρεθῶσιν ἐν τῇ Ἑλλάδι.

Η ΔΙΟΧΕΤΕΥΣΙΣ
ΤΩΝ ΥΔΑΤΩΝ ΤΟΥ ΘΡΙΑΣΙΟΥ
ΣΥΣΤΑΣΙΣ ΕΙΔΙΚΗΣ ΕΠΙΤΡΟΠΗΣ

Ἐνταῦθα ἦτο ἐν τῷ Θριασίῳ πεδίῳ ὑδραυλικὰ ἔργα πρὸς ἀποξήρανσιν τοῦ ἕλους καὶ διοχέτευσιν τῶν ὑδάτων τῶν ὁποίων ἀνέρχεται εἰς 12 καὶ πλέον ὀκάδας.

Κατόπιν τούτου σκέψις γενομένη ἐν τῷ ὑπουργείῳ τῶν Ἐσωτερικῶν ὅπως καταρτισθῇ εἰδικὴ ἐπιτροπὴ ἐκ τοῦ μηχανικοῦ καὶ ἀναλόγου ἀριθμοῦ ἐργολήπτων, ἡ ὁποία νὰ μελετήσῃ ἐπιτοπίως τὸ ζήτημα.

Ἐν τῇ ἐπιτροπῇ ταύτῃ θὰ μετέχωσιν ὁ κ. Τριανταφυλλίδης ὁ κ. Μέγρη καὶ ὁ κ. Στρατός.

Ο ΣΙΔΗΡΟΔΡΟΜΟΣ
ΤΗΣ ΘΕΣΣΑΛΙΑΣ
Η ΔΙΑΚΛΑΔΩΣΙΣ ΛΕΧΩΝΙΩΝ—ΜΗΛΕΩΝ

Ἡ ἑταιρία τῶν Θεσσαλικῶν σιδηροδρόμων εἶχεν ὑποβάλει εἰς τὸ ὑπουργεῖον τῶν Ἐσωτερικῶν σχεδιαγράμματα ἀφορῶντα τὴν κατασκευὴν μεγάλων σιδηροδρομικῶν γεφυρῶν ἐπὶ τῆς σιδηροδρομικῆς διακλαδώσεως Λεχωνίων — Μηλεῶν.

Τὸ ὑπουργεῖον ἐνέκρινε τὰ σχεδιαγράμματα καὶ ἀπέστειλε ταῦτα πρὸς ἐκτέλεσιν, ὅτε ἡ ἑταιρία θὰ ἀρχίσῃ ἀμέσως τὰς ἐργασίας.

ΟΙ ΙΑΠΩΝΕΣ
ΕΙΣ ΤΗΝ ΚΟΡΕΑΝ
ΠΕΤΡΟΥΠΟΛΙΣ, 9 Ἰουλίου

Ἡ Ἰαπωνία ἐδέχθη εἰς τὴν Κορέαν ὅτι ἡ Ρωσσικὴ Κυβέρνησις μετὰ τῆς κινήσεως τῆς Κορέας ἐπὶ τῆς ἀφαιρέσεως μεταξὺ Κορέων καὶ Ἰαπώνων.

Ο ΣΙΔΗΡΟΔΡΟΜΟΣ
ΠΕΙΡΑΙΩΣ-ΛΑΡΙΣΣΗΣ
ΕΚΚΛΗΣΙΣ ΤΩΝ ΓΑΛΑΝΟΦΑΚΑΙΟΠΟΙΩΝ

Τὸ ὑπουργεῖον τῶν Οἰκονομικῶν, ὡς ἄλλοτε ἐγράψαμεν εἶχε διατάξει τὴν ἐκκένωσιν τῶν γαλανοφρακαιοποιῶν τοῦ Πειραιῶς καὶ διὰ τὴν διάδοσιν τῆς ἐνοικιάσεως αὐτῶν.

Πρὸ τῆς διαταγῆς ὅμως ταύτης τοῦ κ. Μέγρη, ὁ περὶ οὗ ὁ λόγος ἐνοικιαστὴς ἐζήτησε προθεσμίαν μέχρι τοῦ προσεχοῦς Σεπτεμβρίου, ἀλλὰ τὸ ὑπουργεῖον ἀπέκρουσε τὴν αἴτησιν.

Ἐν τούτοις ὁ ἐνοικιαστὴς ἐζήτησε τὴν διαιτησίαν καὶ μέχρι τοῦδε παρατείνεται ἡ προθεσμία, ὅπως ἐκκενωθῶσι τὰ καταστήματα.

ΤΑ ΥΛΙΚΑ ΤΟΥ ΜΠΡΑΛΟΥ

Κατ' εἰδήσεις πρὸς τὴν εἰσέπραξιν ἐκ μέρους τῆς ἑταιρίας τῆς κατασκευῆς τῆς σιδηροδρομικῆς γραμμῆς Πειραιῶς-Λαρίσσης, ὁ μηχανικὸς κ. Μετσεντούρης ἐζήτησε ὅπως ἀποσταλῶσι τὰ ὑλικὰ τὰ προορισμένα διὰ τὸν σταθμὸν τοῦ Μπράλου.

Ἡ παράδοσις θέλει ἐξακολουθήσει ἐπὶ μίαν ἑβδομάδα σχεδόν, μεθ' ὃ ὁ κ. Μπετσώτης θὰ κατέλθῃ εἰς τὸν ἐν Πειραιεῖ σταθμὸν ὅπως παραλάβῃ τὰ λοιπὰ ὑλικά.

Ο ΣΟΛΣΜΠΑΡΥ ΔΙΑΣΚΕΔΑΖΩΝ
ΕΙΣ ΧΙΛΙΑΔΕΣ ΚΕΚΛΗΜΕΝΟΙ
ΤΗΛΕΓΡΑΦΗΜΑ ΤΟΥ "ΣΚΡΙΠ"

ΛΟΝΔΙΝΟΝ, 9 Ἰουλίου. (Ἀνταπόκρισις τοῦ Σκρίπ). Εἰς τὸ Χάτφηλδ ὁ Σολσμπαρυ ἐδωκε ἑορτὴν Garden Party διασκεδάζων ἑπτὰ χιλιάδας ἀνθρώπους. Οἱ προσκεκλημένοι ἀνήκουσιν εἰς ἐξοχωτέρας τάξεις.

Παρήσαν τὰ μέλη τῆς Βουλῆς, τοῦ διπλωματικοῦ σώματος, οἱ πρώην ὑπουργοὶ τῆς Ἀγγλίας καὶ οἱ Ἰνδοὶ πρίγκηπες καὶ λοιποί.

Ὁ Σολσμπαρυ διατελεῖ εἰς ἐξαίρετον κατάστασιν ὑγείας.

Ο κ. ΣΤΑΓΚΟΣ
ΕΙΣ ΤΟ ΜΕΣΟΛΟΓΓΙΟΝ
ΙΔΙΑΙΤ. ΤΗΛΕΓΡΑΦΗΜΑ ΤΟΥ "ΣΚΡΙΠ"

ΜΕΣΟΛΟΓΓΙΟΝ, 9 Ἰουλίου. Ὁ Ἀρχηγὸς τῆς Χωροφυλακῆς ἀφίκετο ἐκ Πατρῶν μετὰ μεσημβρίαν καὶ ἐκλήθη παρ' αὐτοῦ ὁ Μοίραρχος τῶν Ἀστυνόμων καὶ τῶν Δημάρχων ἵνα συνεννοηθῇ μετ' αὐτῶν περὶ τῆς δημοσίας ἀσφαλείας.

Ἀφήκε τὸν ἐκλάμπον εἰς τὸν φρουρὸν τῶν περιφερειῶν ἐν τῷ Δήμῳ μας ἵνα ἐξασφαλίσῃ τὴν τάξιν καὶ προσέλθωσι.

Ο ΚΑΙΡΟΣ
ΚΑΙ Η ΠΑΙΔΕΙΑ ΕΙΣ ΓΑΛΛΙΑΝ
ΤΗΛΕΓΡΑΦΗΜΑ ΤΟΥ "ΣΚΡΙΠ"

ΠΑΡΙΣΙΟΙ, 9 Ἰουλίου. Τὰ κλειστὰ φύλλα ὁρμῶνται κατὰ Κυβερνήσεως ἕνεκα τῆς ἐπιπεσούσης παλαιὰς καταργήσεως τῶν σχολείων τῶν διευθυνομένων ὑπὸ τῶν μοναχῶν τῶν ὁποίων παραβαίνουσι τὸν νόμον.

Ἡ «Σολεΐγ» λέγει ὅτι ἑκατοντάδες χιλιάδων πολιτῶν τῆς Γαλλίας πρὸς τὰς 22 τοῦ μηνὸς θὰ διαμαρτυρηθῶσι διὰ τὸ κλείσιμον τῶν σχολείων.

ΒΑΣΙΛΙΚΑΙ ΑΤΥΧΙΑΙ
ΣΥΝΕΝΤΕΥΞΕΙΣ ΜΕ ΒΑΣΙΛΙΣΣΑΝ
ΤΗΛΕΓΡΑΦΗΜΑ ΤΟΥ "ΣΚΡΙΠ"

ΠΑΡΙΣΙΟΙ, 9 Ἰουλίου. Ἡ «Μεταρρύθμισις» τῶν Βρυξελλῶν δημοσιεύει τὰς συνεντεύξεις τοῦ ἀνταποκριτοῦ της μετὰ τῆς Βασιλίσσης.
